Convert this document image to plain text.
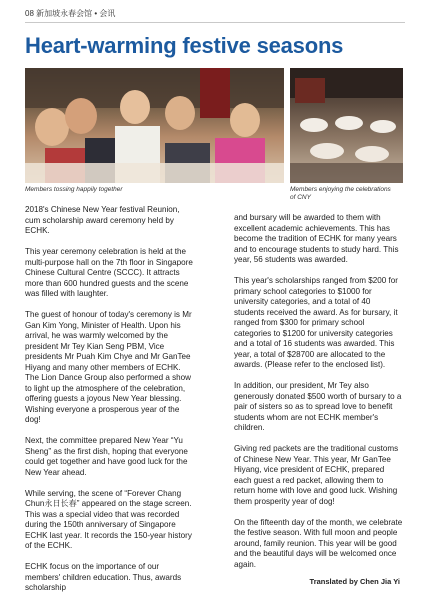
08 新加坡永春会馆 • 会讯
Heart-warming festive seasons
Members tossing happily together	Members enjoying the celebrations
of CNY

2018's Chinese New Year festival Reunion, cum scholarship award ceremony held by ECHK.

This year ceremony celebration is held at the multi-purpose hall on the 7th floor in Singapore Chinese Cultural Centre (SCCC). It attracts more than 600 hundred guests and the scene was filled with laughter.

The guest of honour of today's ceremony is Mr Gan Kim Yong, Minister of Health. Upon his arrival, he was warmly welcomed by the president Mr Tey Kian Seng PBM, Vice presidents Mr Puah Kim Chye and Mr GanTee Hiyang and many other members of ECHK. The Lion Dance Group also performed a show to light up the atmosphere of the celebration, offering guests a joyous New Year blessing. Wishing everyone a prosperous year of the dog!

Next, the committee prepared New Year “Yu Sheng” as the first dish, hoping that everyone could get together and have good luck for the New Year ahead.

While serving, the scene of “Forever Chang Chun永日长春” appeared on the stage screen. This was a special video that was recorded during the 150th anniversary of Singapore ECHK last year. It records the 150-year history of the ECHK.

ECHK focus on the importance of our members' children education. Thus, awards scholarship

and bursary will be awarded to them with excellent academic achievements. This has become the tradition of ECHK for many years and to encourage students to study hard. This year, 56 students was awarded.

This year's scholarships ranged from $200 for primary school categories to $1000 for university categories, and a total of 40 students received the award. As for bursary, it ranged from $300 for primary school categories to $1200 for university categories and a total of 16 students was awarded. This year, a total of $28700 are allocated to the awards. (Please refer to the enclosed list).

In addition, our president, Mr Tey also generously donated $500 worth of bursary to a pair of sisters so as to spread love to benefit students whom are not ECHK member's children.

Giving red packets are the traditional customs of Chinese New Year. This year, Mr GanTee Hiyang, vice president of ECHK, prepared each guest a red packet, allowing them to return home with love and good luck. Wishing them prosperity year of dog!

On the fifteenth day of the month, we celebrate the festive season. With full moon and people around, family reunion. This year will be good and the beautiful days will be welcomed once again.

Translated by Chen Jia Yi
